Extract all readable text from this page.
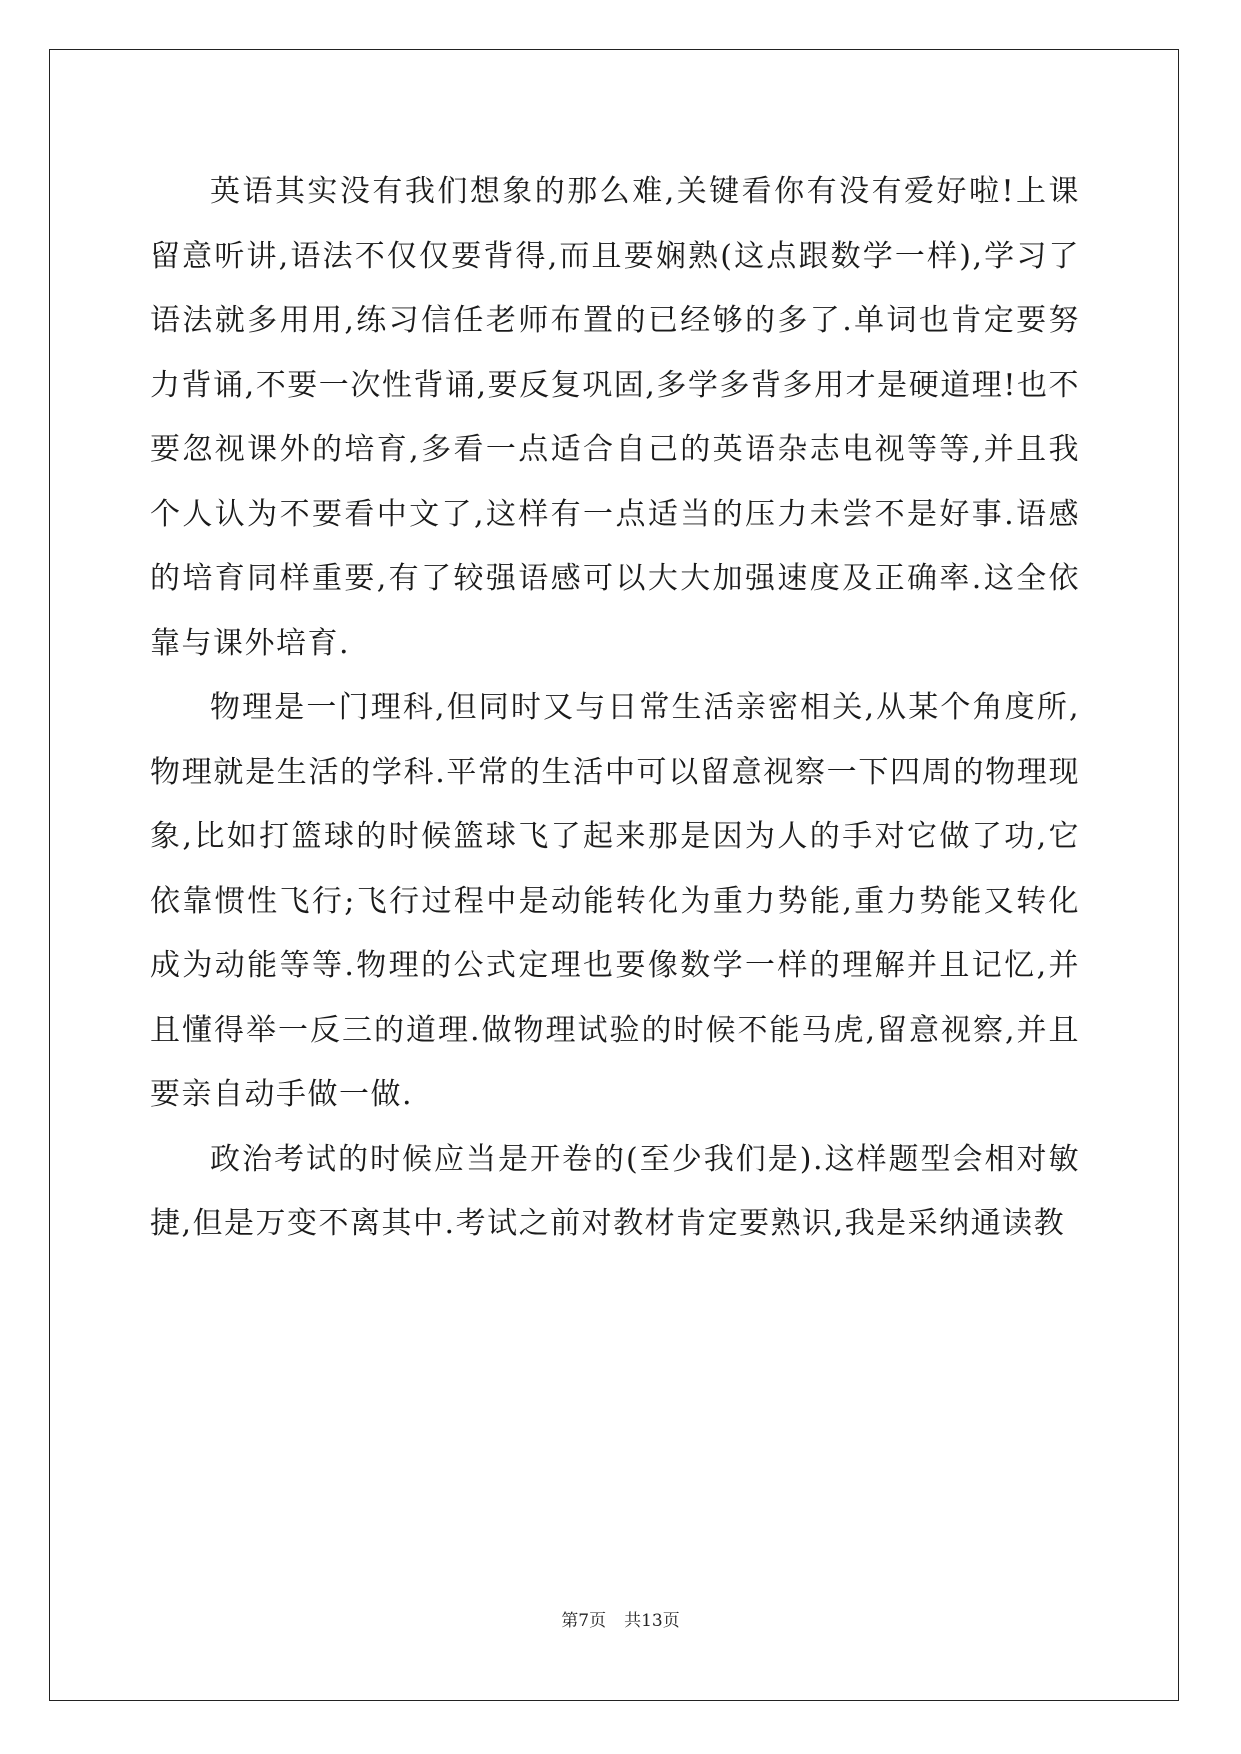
英语其实没有我们想象的那么难,关键看你有没有爱好啦!上课留意听讲,语法不仅仅要背得,而且要娴熟(这点跟数学一样),学习了语法就多用用,练习信任老师布置的已经够的多了.单词也肯定要努力背诵,不要一次性背诵,要反复巩固,多学多背多用才是硬道理!也不要忽视课外的培育,多看一点适合自己的英语杂志电视等等,并且我个人认为不要看中文了,这样有一点适当的压力未尝不是好事.语感的培育同样重要,有了较强语感可以大大加强速度及正确率.这全依靠与课外培育.

物理是一门理科,但同时又与日常生活亲密相关,从某个角度所,物理就是生活的学科.平常的生活中可以留意视察一下四周的物理现象,比如打篮球的时候篮球飞了起来那是因为人的手对它做了功,它依靠惯性飞行;飞行过程中是动能转化为重力势能,重力势能又转化成为动能等等.物理的公式定理也要像数学一样的理解并且记忆,并且懂得举一反三的道理.做物理试验的时候不能马虎,留意视察,并且要亲自动手做一做.

政治考试的时候应当是开卷的(至少我们是).这样题型会相对敏捷,但是万变不离其中.考试之前对教材肯定要熟识,我是采纳通读教

第7页 共13页
